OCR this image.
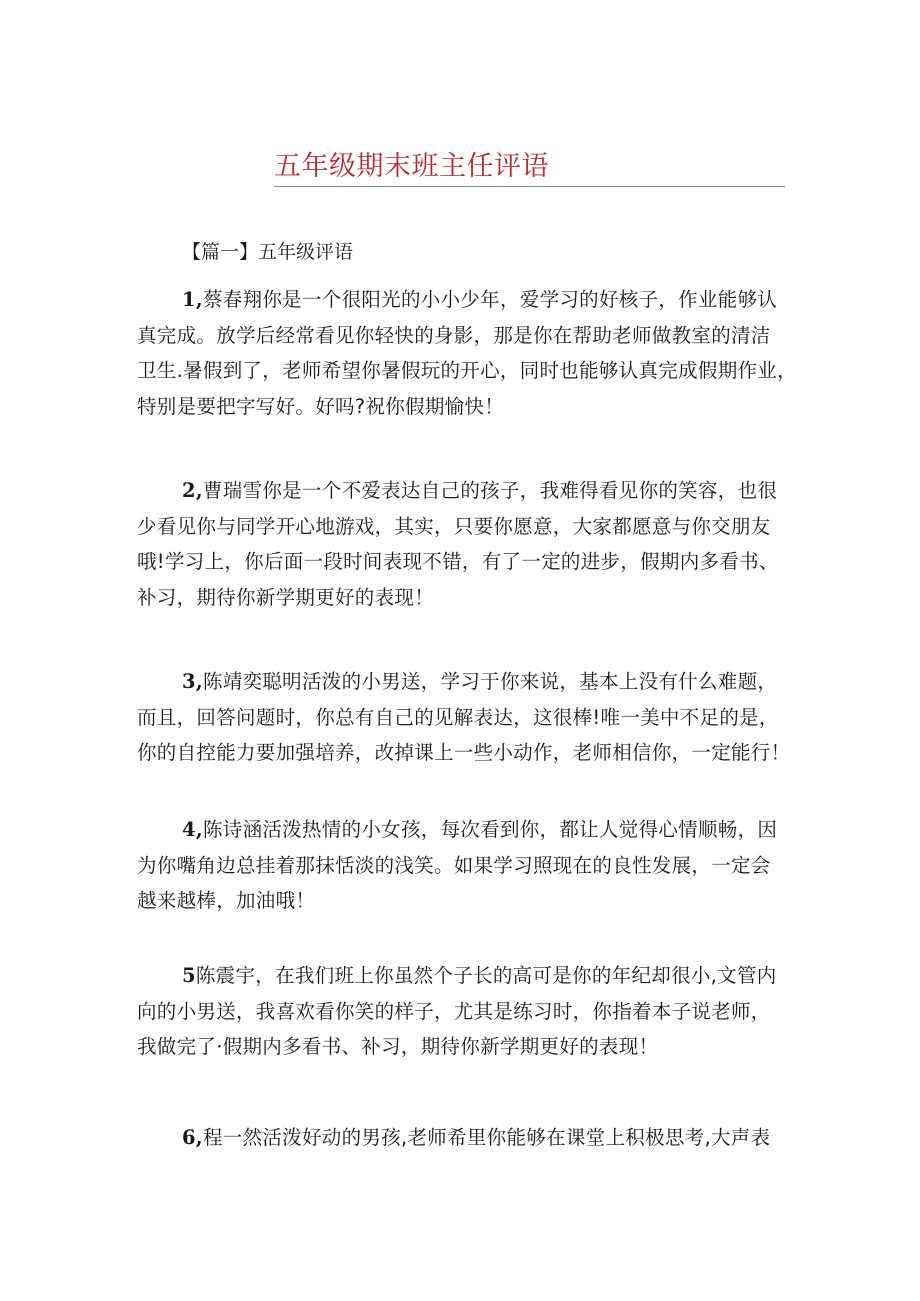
五年级期末班主任评语
【篇一】五年级评语
1,蔡春翔你是一个很阳光的小小少年，爱学习的好核子，作业能够认
真完成。放学后经常看见你轻快的身影，那是你在帮助老师做教室的清洁
卫生.暑假到了，老师希望你暑假玩的开心，同时也能够认真完成假期作业，
特别是要把字写好。好吗?祝你假期愉快！
2,曹瑞雪你是一个不爱表达自己的孩子，我难得看见你的笑容，也很
少看见你与同学开心地游戏，其实，只要你愿意，大家都愿意与你交朋友
哦!学习上，你后面一段时间表现不错，有了一定的进步，假期内多看书、
补习，期待你新学期更好的表现！
3,陈靖奕聪明活泼的小男送，学习于你来说，基本上没有什么难题，
而且，回答问题时，你总有自己的见解表达，这很棒!唯一美中不足的是，
你的自控能力要加强培养，改掉课上一些小动作，老师相信你，一定能行！
4,陈诗涵活泼热情的小女孩，每次看到你，都让人觉得心情顺畅，因
为你嘴角边总挂着那抹恬淡的浅笑。如果学习照现在的良性发展，一定会
越来越棒，加油哦！
5陈震宇，在我们班上你虽然个子长的高可是你的年纪却很小,文管内
向的小男送，我喜欢看你笑的样子，尤其是练习时，你指着本子说老师，
我做完了·假期内多看书、补习，期待你新学期更好的表现！
6,程一然活泼好动的男孩,老师希里你能够在课堂上积极思考,大声表
